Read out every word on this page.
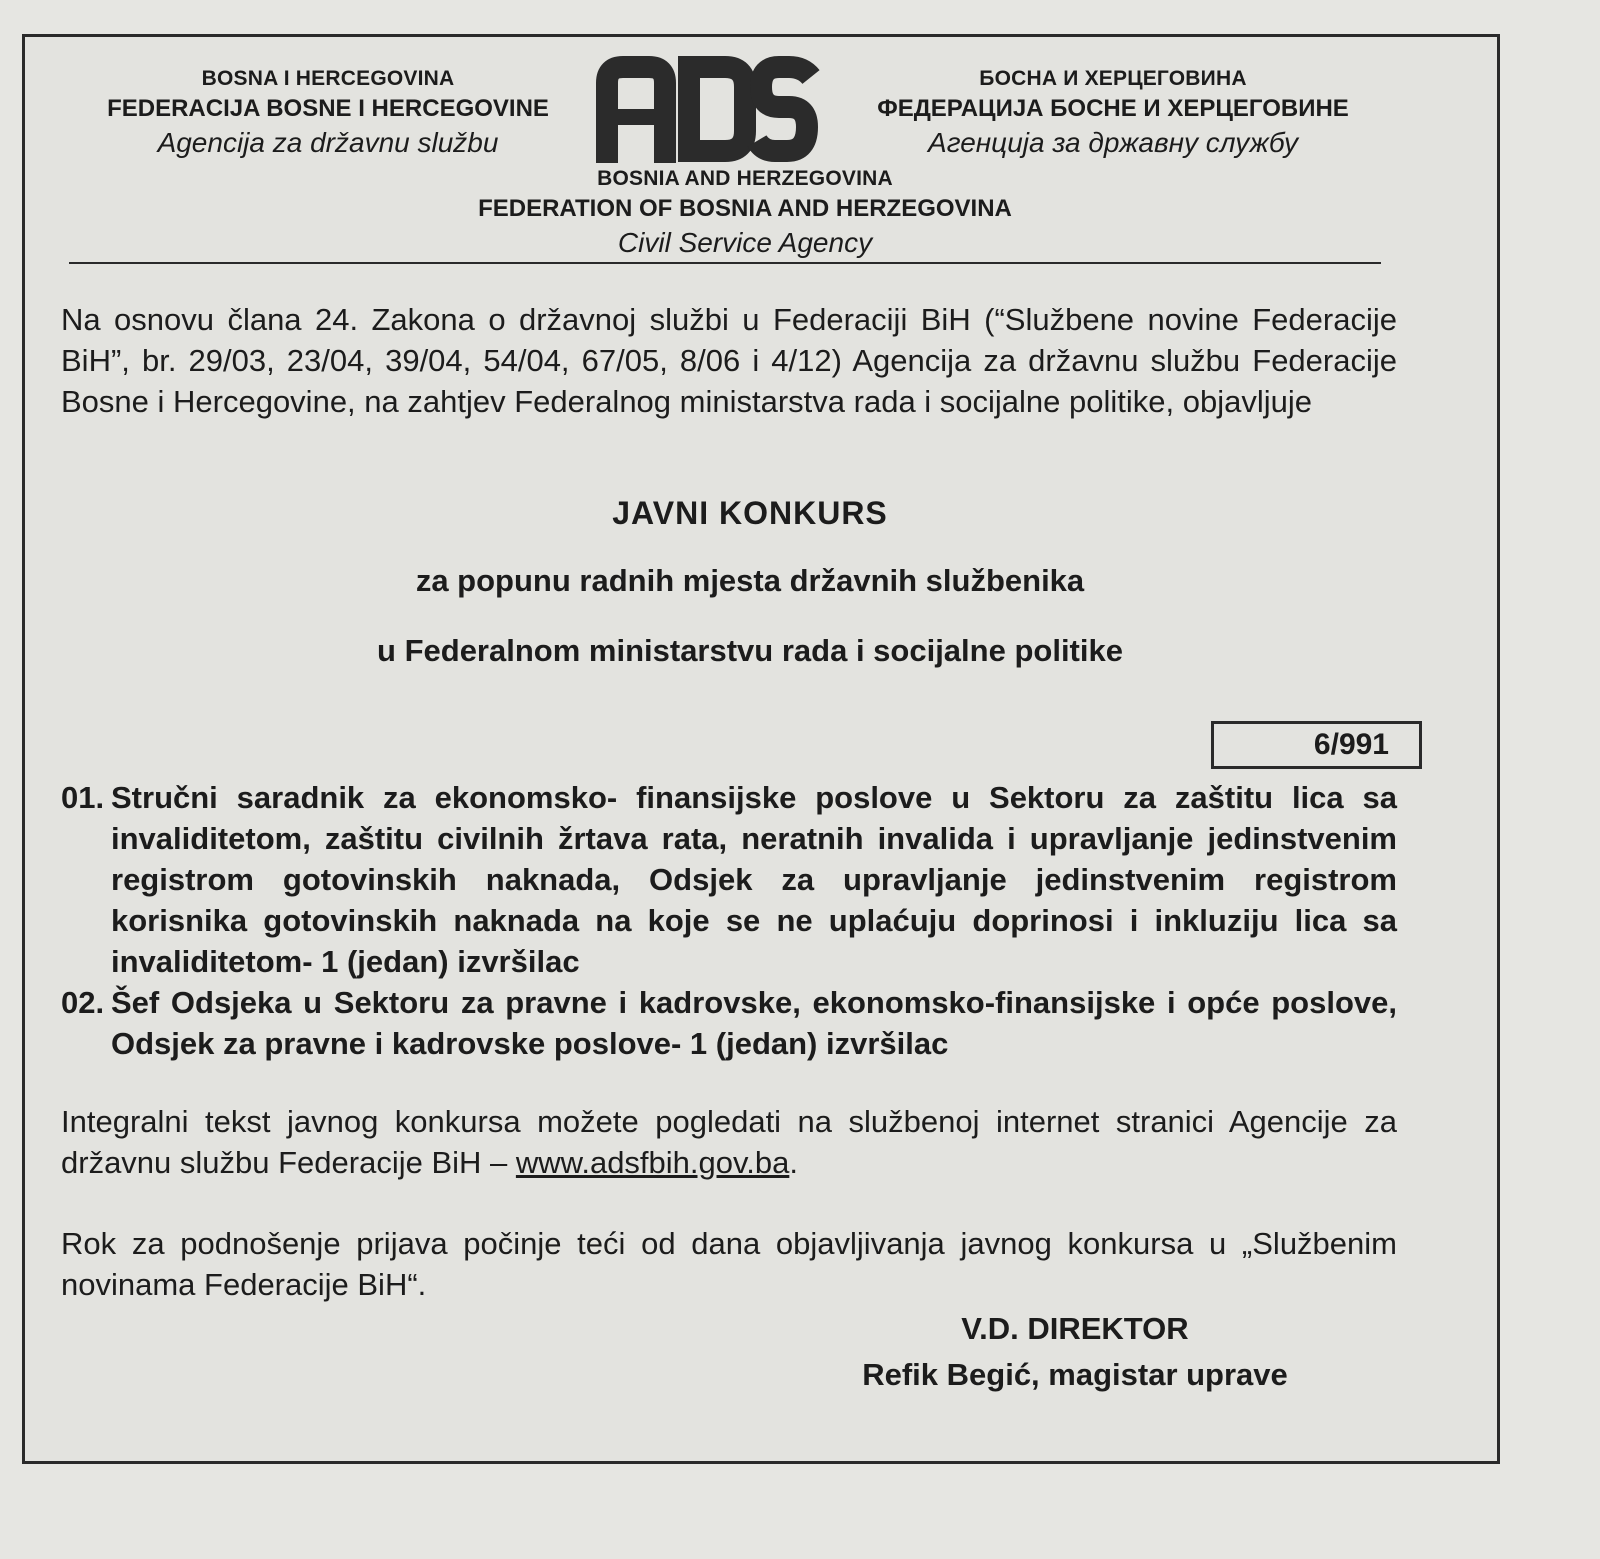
BOSNA I HERCEGOVINA
FEDERACIJA BOSNE I HERCEGOVINE
Agencija za državnu službu
БОСНА И ХЕРЦЕГОВИНА
ФЕДЕРАЦИЈА БОСНЕ И ХЕРЦЕГОВИНЕ
Агенција за државну службу
BOSNIA AND HERZEGOVINA
FEDERATION OF BOSNIA AND HERZEGOVINA
Civil Service Agency
Na osnovu člana 24. Zakona o državnoj službi u Federaciji BiH (“Službene novine Federacije BiH”, br. 29/03, 23/04, 39/04, 54/04, 67/05, 8/06 i 4/12) Agencija za državnu službu Federacije Bosne i Hercegovine, na zahtjev Federalnog ministarstva rada i socijalne politike, objavljuje
JAVNI KONKURS
za popunu radnih mjesta državnih službenika
u Federalnom ministarstvu rada i socijalne politike
6/991
01. Stručni saradnik za ekonomsko- finansijske poslove u Sektoru za zaštitu lica sa invaliditetom, zaštitu civilnih žrtava rata, neratnih invalida i upravljanje jedinstvenim registrom gotovinskih naknada, Odsjek za upravljanje jedinstvenim registrom korisnika gotovinskih naknada na koje se ne uplaćuju doprinosi i inkluziju lica sa invaliditetom- 1 (jedan) izvršilac
02. Šef Odsjeka u Sektoru za pravne i kadrovske, ekonomsko-finansijske i opće poslove, Odsjek za pravne i kadrovske poslove- 1 (jedan) izvršilac
Integralni tekst javnog konkursa možete pogledati na službenoj internet stranici Agencije za državnu službu Federacije BiH – www.adsfbih.gov.ba.
Rok za podnošenje prijava počinje teći od dana objavljivanja javnog konkursa u „Službenim novinama Federacije BiH“.
V.D. DIREKTOR
Refik Begić, magistar uprave
